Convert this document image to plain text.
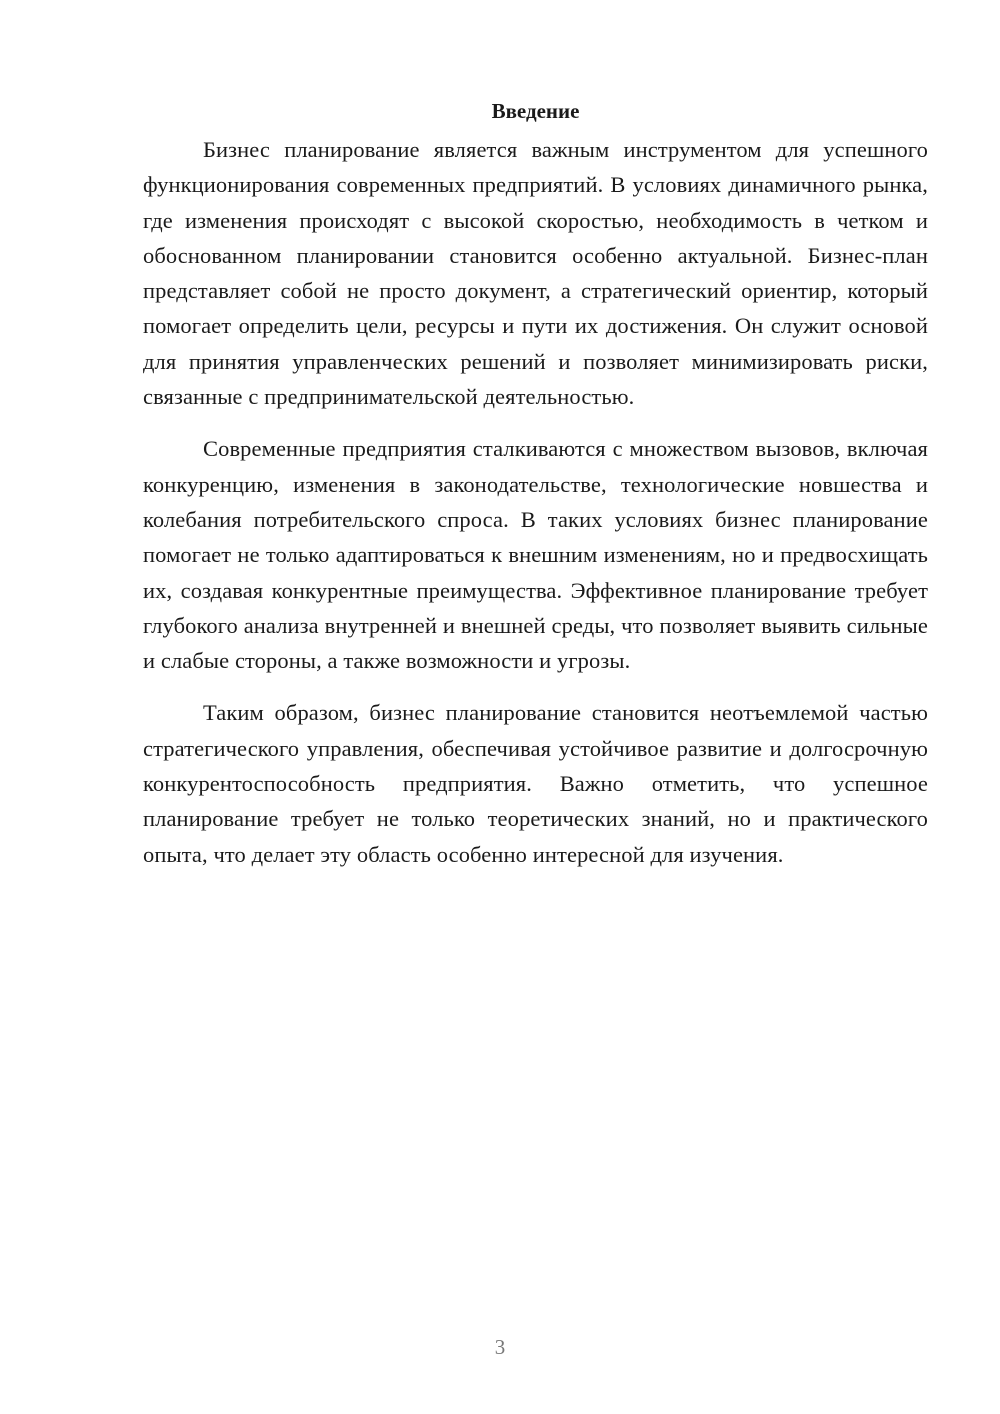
Введение

Бизнес планирование является важным инструментом для успешного функционирования современных предприятий. В условиях динамичного рынка, где изменения происходят с высокой скоростью, необходимость в четком и обоснованном планировании становится особенно актуальной. Бизнес-план представляет собой не просто документ, а стратегический ориентир, который помогает определить цели, ресурсы и пути их достижения. Он служит основой для принятия управленческих решений и позволяет минимизировать риски, связанные с предпринимательской деятельностью.

Современные предприятия сталкиваются с множеством вызовов, включая конкуренцию, изменения в законодательстве, технологические новшества и колебания потребительского спроса. В таких условиях бизнес планирование помогает не только адаптироваться к внешним изменениям, но и предвосхищать их, создавая конкурентные преимущества. Эффективное планирование требует глубокого анализа внутренней и внешней среды, что позволяет выявить сильные и слабые стороны, а также возможности и угрозы.

Таким образом, бизнес планирование становится неотъемлемой частью стратегического управления, обеспечивая устойчивое развитие и долгосрочную конкурентоспособность предприятия. Важно отметить, что успешное планирование требует не только теоретических знаний, но и практического опыта, что делает эту область особенно интересной для изучения.

3
